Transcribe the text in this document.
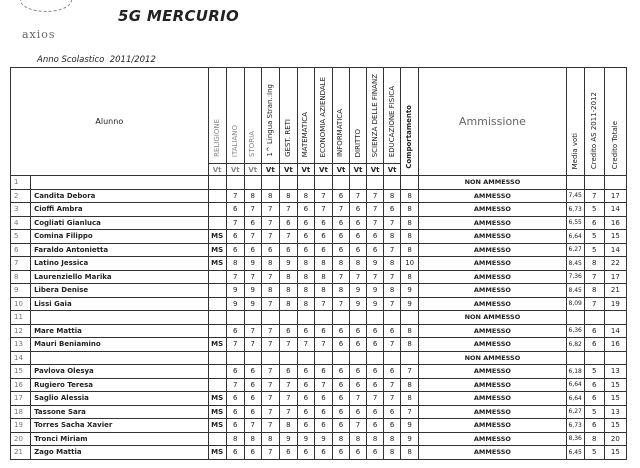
5G MERCURIO
axios
Anno Scolastico 2011/2012
Alunno		RELIGIONE	ITALIANO	STORIA	1^ Lingua Stran.:Ing	GEST. RETI	MATEMATICA	ECONOMIA AZIENDALE	INFORMATICA	DIRITTO	SCIENZA DELLE FINANZ	EDUCAZIONE FISICA	Comportamento	Ammissione	Media voti	Credito AS 2011-2012	Credito Totale
		Vt	Vt	Vt	Vt	Vt	Vt	Vt	Vt	Vt	Vt	Vt					
1														NON AMMESSO			
2	Candita Debora		7	8	8	8	8	7	6	7	7	8	8	AMMESSO	7,45	7	17
3	Cioffi Ambra		6	7	7	7	6	7	7	6	7	6	8	AMMESSO	6,73	5	14
4	Cogliati Gianluca		7	6	7	6	6	6	6	6	7	7	8	AMMESSO	6,55	6	16
5	Comina Filippo	MS	6	7	7	7	6	6	6	6	6	8	8	AMMESSO	6,64	5	15
6	Faraldo Antonietta	MS	6	6	6	6	6	6	6	6	6	7	8	AMMESSO	6,27	5	14
7	Latino Jessica	MS	8	9	8	9	8	8	8	8	9	8	10	AMMESSO	8,45	8	22
8	Laurenziello Marika		7	7	7	8	8	8	7	7	7	7	8	AMMESSO	7,36	7	17
9	Libera Denise		9	9	8	8	8	8	8	9	9	8	9	AMMESSO	8,45	8	21
10	Lissi Gaia		9	9	7	8	8	7	7	9	9	7	9	AMMESSO	8,09	7	19
11														NON AMMESSO			
12	Mare Mattia		6	7	7	6	6	6	6	6	6	6	8	AMMESSO	6,36	6	14
13	Mauri Beniamino	MS	7	7	7	7	7	7	6	6	6	7	8	AMMESSO	6,82	6	16
14														NON AMMESSO			
15	Pavlova Olesya		6	6	7	6	6	6	6	6	6	6	7	AMMESSO	6,18	5	13
16	Rugiero Teresa		7	6	7	7	6	7	6	6	6	7	8	AMMESSO	6,64	6	15
17	Saglio Alessia	MS	6	6	7	7	6	6	6	7	7	7	8	AMMESSO	6,64	6	15
18	Tassone Sara	MS	6	6	7	7	6	6	6	6	6	6	7	AMMESSO	6,27	5	13
19	Torres Sacha Xavier	MS	6	7	7	8	6	6	6	7	6	6	9	AMMESSO	6,73	6	15
20	Tronci Miriam		8	8	8	9	9	9	8	8	8	8	9	AMMESSO	8,36	8	20
21	Zago Mattia	MS	6	6	7	6	6	6	6	6	6	8	8	AMMESSO	6,45	5	15
